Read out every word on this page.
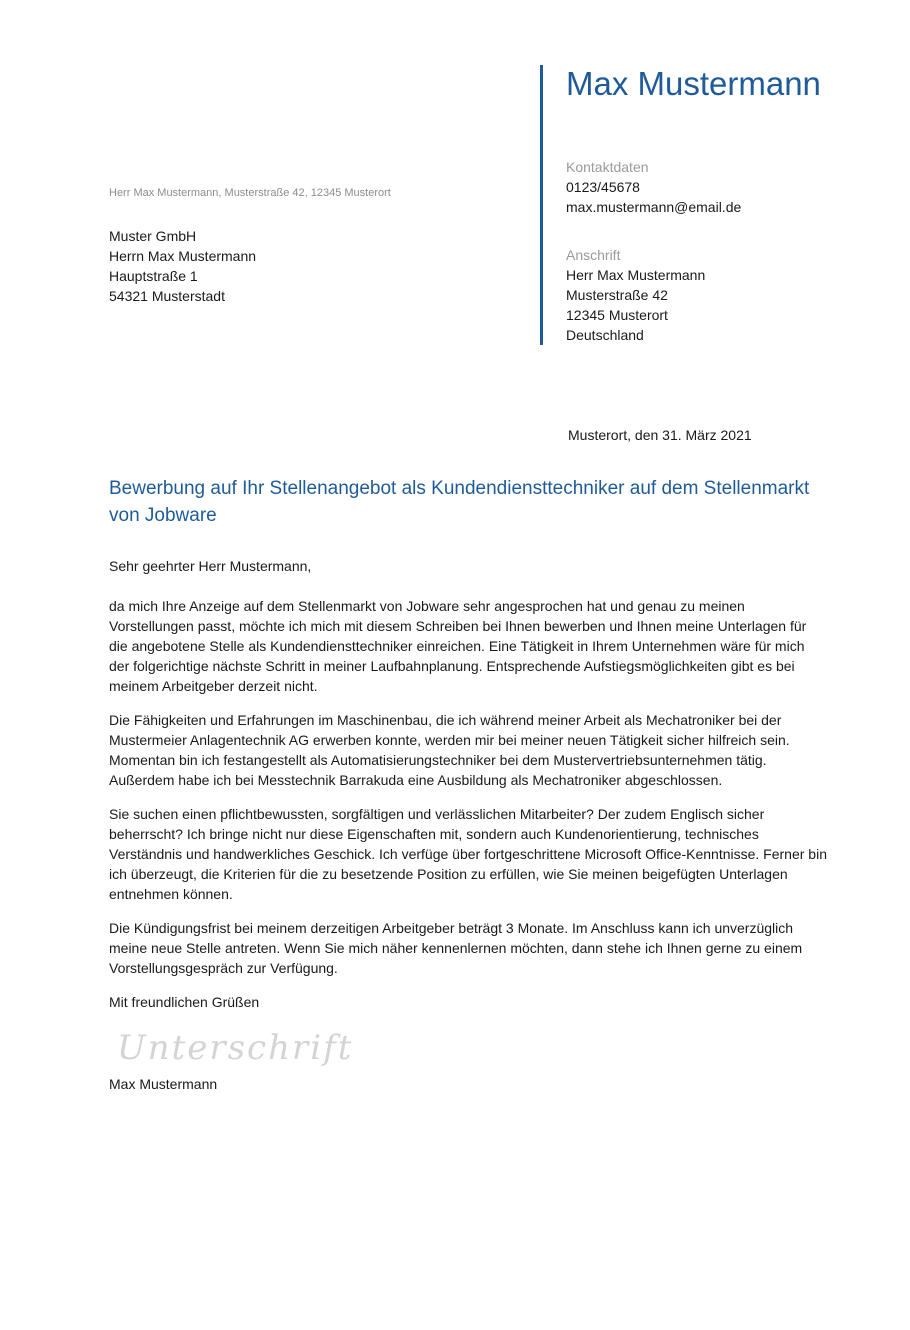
Max Mustermann
Kontaktdaten
0123/45678
max.mustermann@email.de
Anschrift
Herr Max Mustermann
Musterstraße 42
12345 Musterort
Deutschland
Herr Max Mustermann, Musterstraße 42, 12345 Musterort
Muster GmbH
Herrn Max Mustermann
Hauptstraße 1
54321 Musterstadt
Musterort, den 31. März 2021
Bewerbung auf Ihr Stellenangebot als Kundendiensttechniker auf dem Stellenmarkt von Jobware

Sehr geehrter Herr Mustermann,

da mich Ihre Anzeige auf dem Stellenmarkt von Jobware sehr angesprochen hat und genau zu meinen Vorstellungen passt, möchte ich mich mit diesem Schreiben bei Ihnen bewerben und Ihnen meine Unterlagen für die angebotene Stelle als Kundendiensttechniker einreichen. Eine Tätigkeit in Ihrem Unternehmen wäre für mich der folgerichtige nächste Schritt in meiner Laufbahnplanung. Entsprechende Aufstiegsmöglichkeiten gibt es bei meinem Arbeitgeber derzeit nicht.

Die Fähigkeiten und Erfahrungen im Maschinenbau, die ich während meiner Arbeit als Mechatroniker bei der Mustermeier Anlagentechnik AG erwerben konnte, werden mir bei meiner neuen Tätigkeit sicher hilfreich sein. Momentan bin ich festangestellt als Automatisierungstechniker bei dem Mustervertriebsunternehmen tätig. Außerdem habe ich bei Messtechnik Barrakuda eine Ausbildung als Mechatroniker abgeschlossen.

Sie suchen einen pflichtbewussten, sorgfältigen und verlässlichen Mitarbeiter? Der zudem Englisch sicher beherrscht? Ich bringe nicht nur diese Eigenschaften mit, sondern auch Kundenorientierung, technisches Verständnis und handwerkliches Geschick. Ich verfüge über fortgeschrittene Microsoft Office-Kenntnisse. Ferner bin ich überzeugt, die Kriterien für die zu besetzende Position zu erfüllen, wie Sie meinen beigefügten Unterlagen entnehmen können.

Die Kündigungsfrist bei meinem derzeitigen Arbeitgeber beträgt 3 Monate. Im Anschluss kann ich unverzüglich meine neue Stelle antreten. Wenn Sie mich näher kennenlernen möchten, dann stehe ich Ihnen gerne zu einem Vorstellungsgespräch zur Verfügung.

Mit freundlichen Grüßen

Unterschrift

Max Mustermann
